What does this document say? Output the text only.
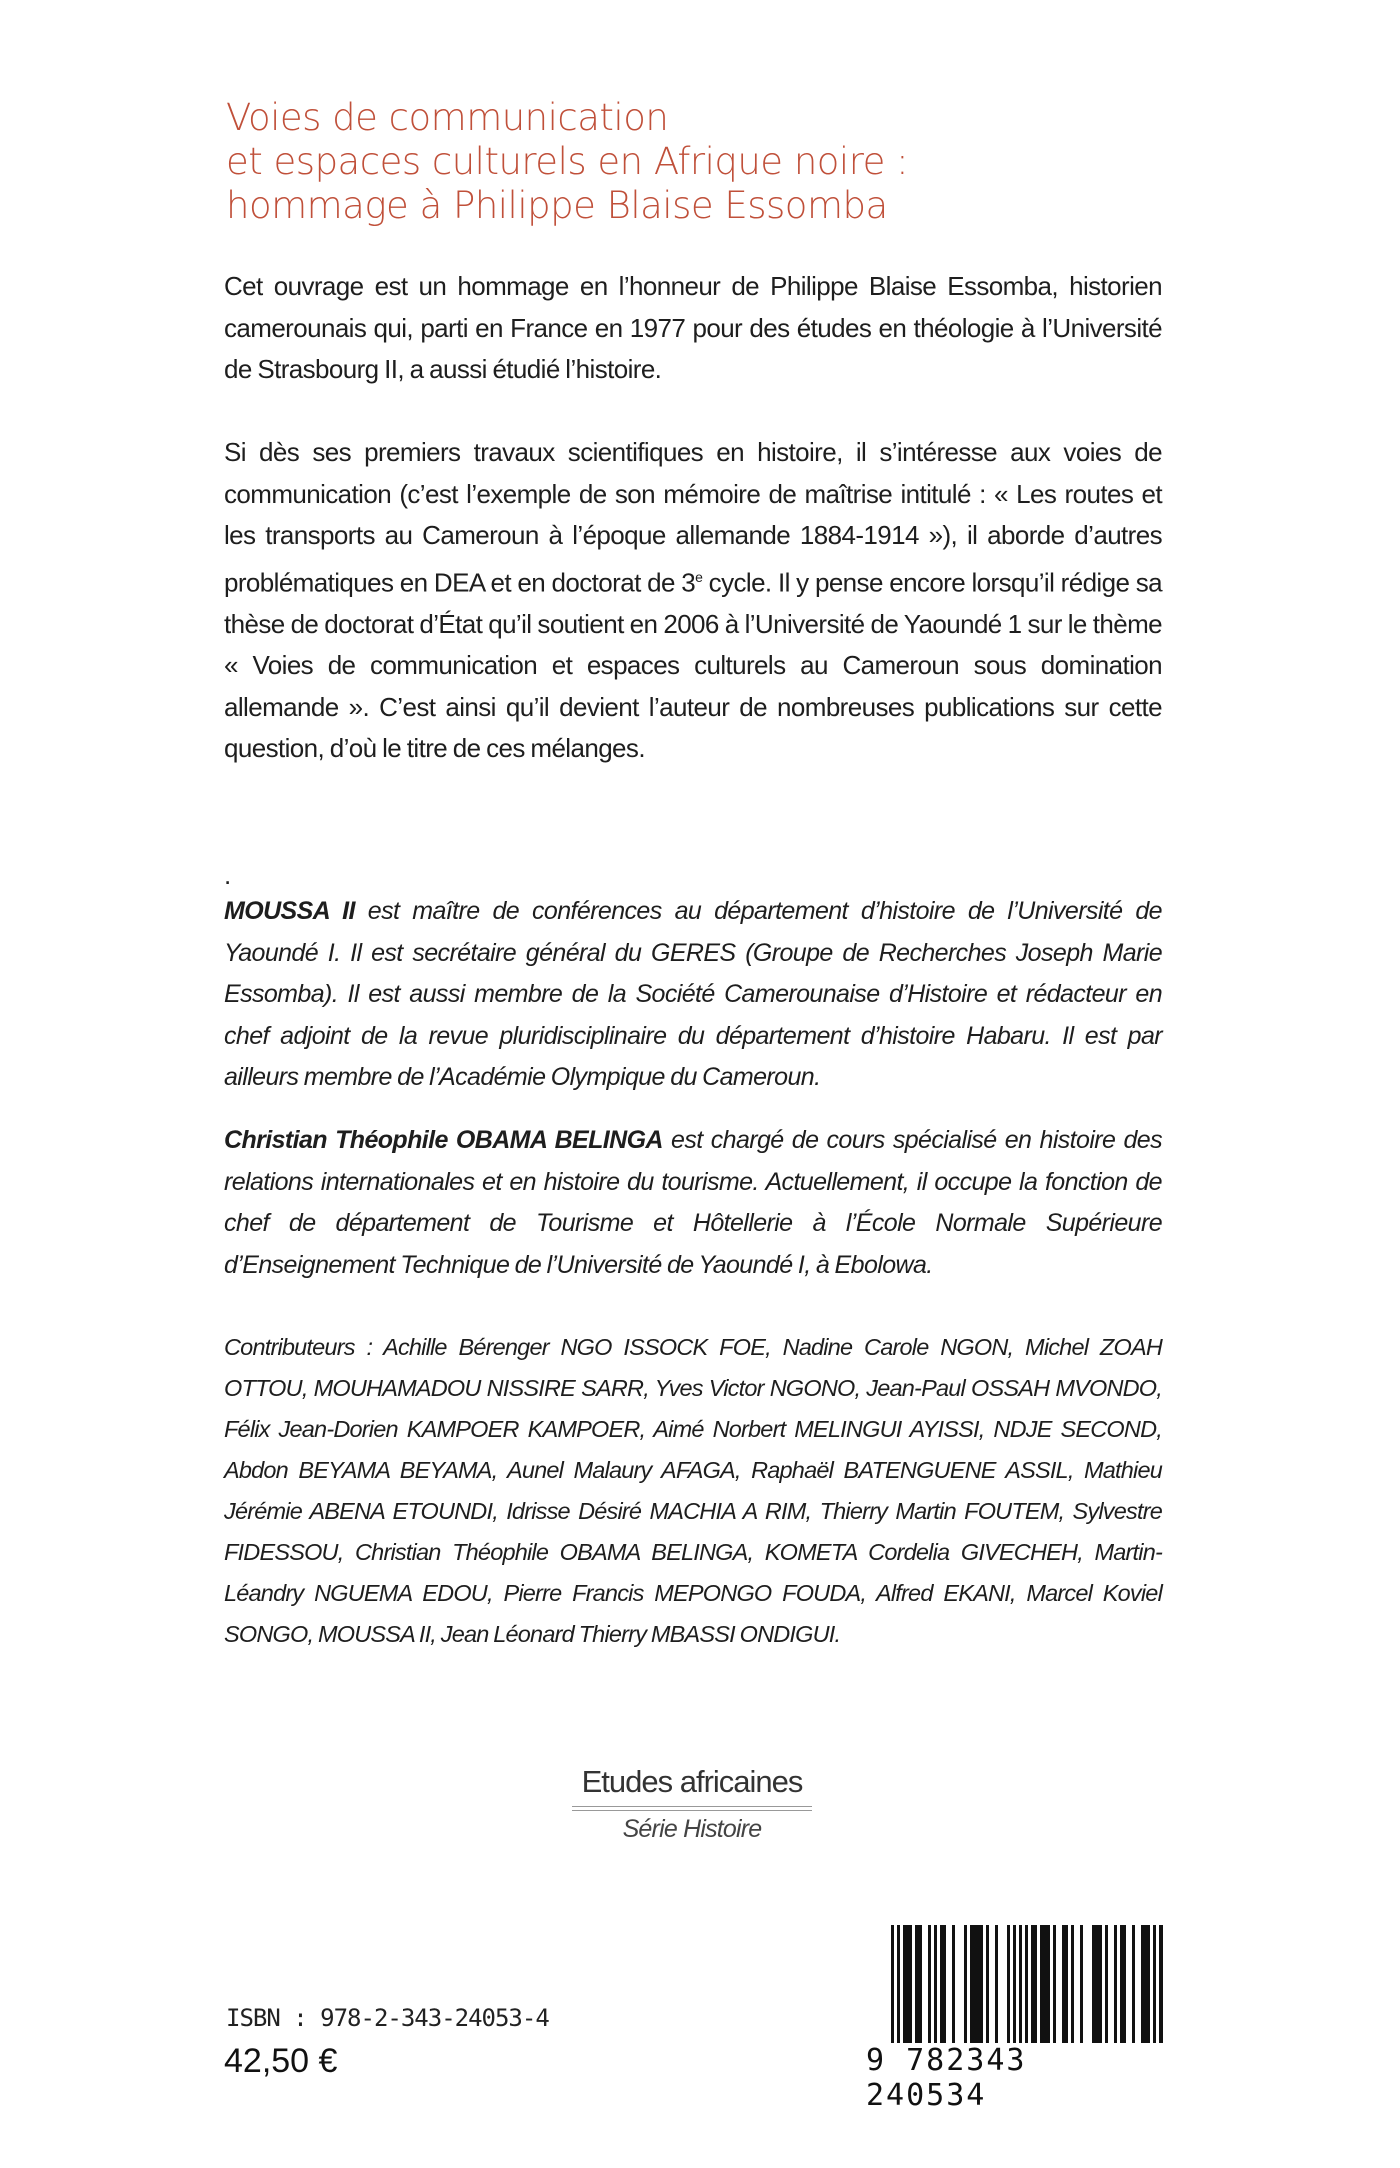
Voies de communication
et espaces culturels en Afrique noire :
hommage à Philippe Blaise Essomba
Cet ouvrage est un hommage en l’honneur de Philippe Blaise Essomba, historien camerounais qui, parti en France en 1977 pour des études en théologie à l’Université de Strasbourg II, a aussi étudié l’histoire.
Si dès ses premiers travaux scientifiques en histoire, il s’intéresse aux voies de communication (c’est l’exemple de son mémoire de maîtrise intitulé : « Les routes et les transports au Cameroun à l’époque allemande 1884-1914 »), il aborde d’autres problématiques en DEA et en doctorat de 3e cycle. Il y pense encore lorsqu’il rédige sa thèse de doctorat d’État qu’il soutient en 2006 à l’Université de Yaoundé 1 sur le thème « Voies de communication et espaces culturels au Cameroun sous domination allemande ». C’est ainsi qu’il devient l’auteur de nombreuses publications sur cette question, d’où le titre de ces mélanges.
.
MOUSSA II est maître de conférences au département d’histoire de l’Université de Yaoundé I. Il est secrétaire général du GERES (Groupe de Recherches Joseph Marie Essomba). Il est aussi membre de la Société Camerounaise d’Histoire et rédacteur en chef adjoint de la revue pluridisciplinaire du département d’histoire Habaru. Il est par ailleurs membre de l’Académie Olympique du Cameroun.
Christian Théophile OBAMA BELINGA est chargé de cours spécialisé en histoire des relations internationales et en histoire du tourisme. Actuellement, il occupe la fonction de chef de département de Tourisme et Hôtellerie à l’École Normale Supérieure d’Enseignement Technique de l’Université de Yaoundé I, à Ebolowa.
Contributeurs : Achille Bérenger NGO ISSOCK FOE, Nadine Carole NGON, Michel ZOAH OTTOU, MOUHAMADOU NISSIRE SARR, Yves Victor NGONO, Jean-Paul OSSAH MVONDO, Félix Jean-Dorien KAMPOER KAMPOER, Aimé Norbert MELINGUI AYISSI, NDJE SECOND, Abdon BEYAMA BEYAMA, Aunel Malaury AFAGA, Raphaël BATENGUENE ASSIL, Mathieu Jérémie ABENA ETOUNDI, Idrisse Désiré MACHIA A RIM, Thierry Martin FOUTEM, Sylvestre FIDESSOU, Christian Théophile OBAMA BELINGA, KOMETA Cordelia GIVECHEH, Martin-Léandry NGUEMA EDOU, Pierre Francis MEPONGO FOUDA, Alfred EKANI, Marcel Koviel SONGO, MOUSSA II, Jean Léonard Thierry MBASSI ONDIGUI.
Etudes africaines
Série Histoire
ISBN : 978-2-343-24053-4
42,50 €	9 782343 240534
